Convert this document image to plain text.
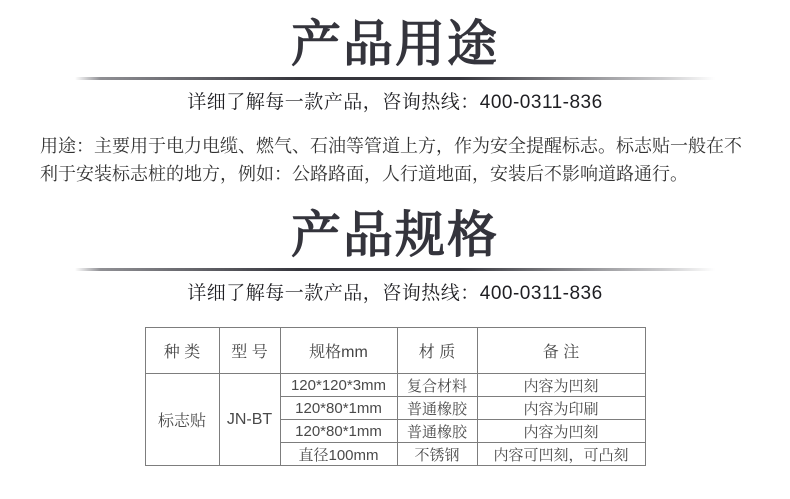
产品用途

详细了解每一款产品，咨询热线：400-0311-836

用途：主要用于电力电缆、燃气、石油等管道上方，作为安全提醒标志。标志贴一般在不利于安装标志桩的地方，例如：公路路面，人行道地面，安装后不影响道路通行。

产品规格

详细了解每一款产品，咨询热线：400-0311-836

种 类	型 号	规格mm	材 质	备 注
标志贴	JN-BT	120*120*3mm	复合材料	内容为凹刻
		120*80*1mm	普通橡胶	内容为印刷
		120*80*1mm	普通橡胶	内容为凹刻
		直径100mm	不锈钢	内容可凹刻，可凸刻
